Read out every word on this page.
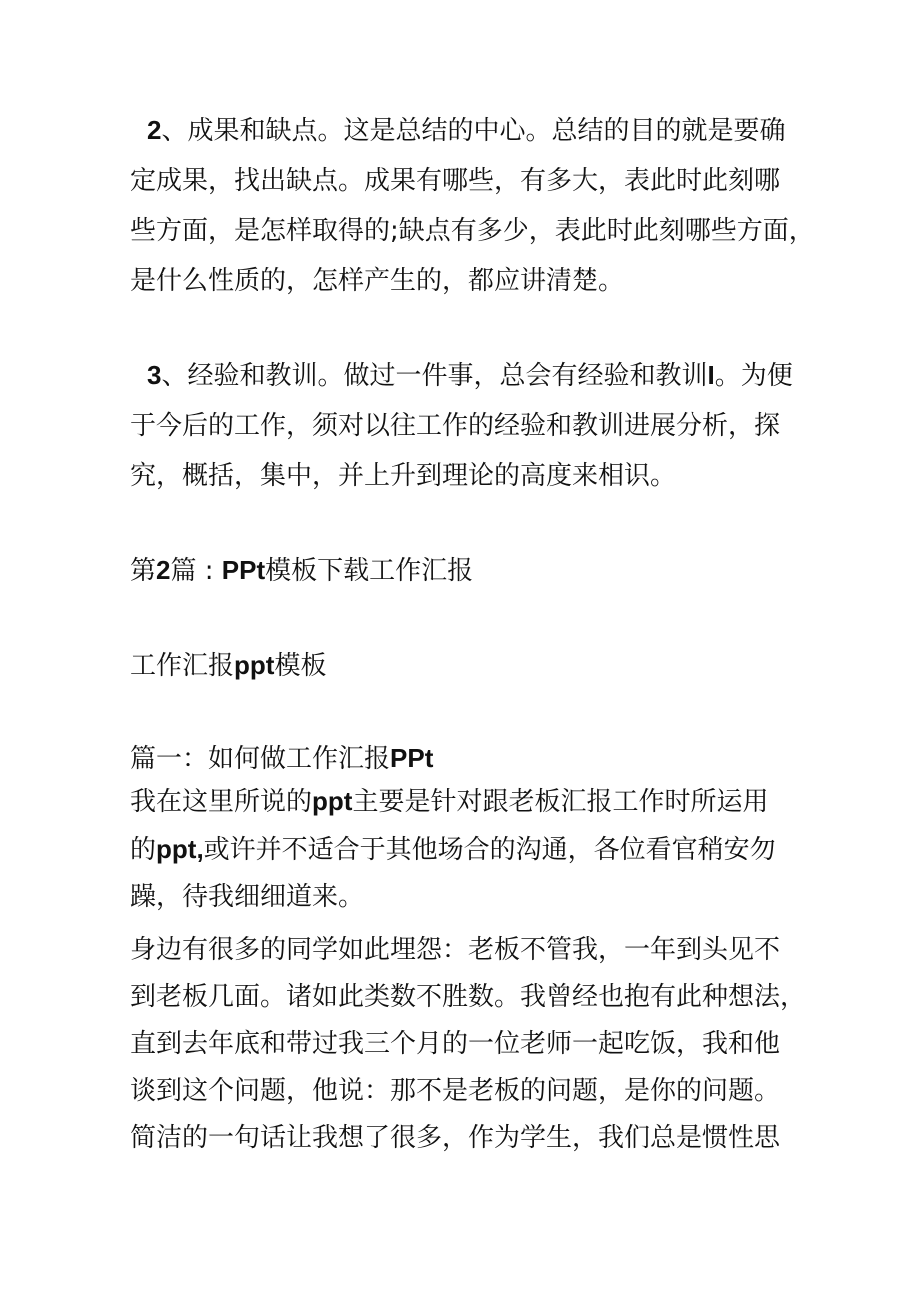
2、成果和缺点。这是总结的中心。总结的目的就是要确
定成果，找出缺点。成果有哪些，有多大，表此时此刻哪
些方面，是怎样取得的;缺点有多少，表此时此刻哪些方面，
是什么性质的，怎样产生的，都应讲清楚。
3、经验和教训。做过一件事，总会有经验和教训I。为便
于今后的工作，须对以往工作的经验和教训进展分析，探
究，概括，集中，并上升到理论的高度来相识。
第2篇 : PPt模板下载工作汇报
工作汇报ppt模板
篇一：如何做工作汇报PPt
我在这里所说的ppt主要是针对跟老板汇报工作时所运用
的ppt,或许并不适合于其他场合的沟通，各位看官稍安勿
躁，待我细细道来。
身边有很多的同学如此埋怨：老板不管我，一年到头见不
到老板几面。诸如此类数不胜数。我曾经也抱有此种想法，
直到去年底和带过我三个月的一位老师一起吃饭，我和他
谈到这个问题，他说：那不是老板的问题，是你的问题。
简洁的一句话让我想了很多，作为学生，我们总是惯性思
